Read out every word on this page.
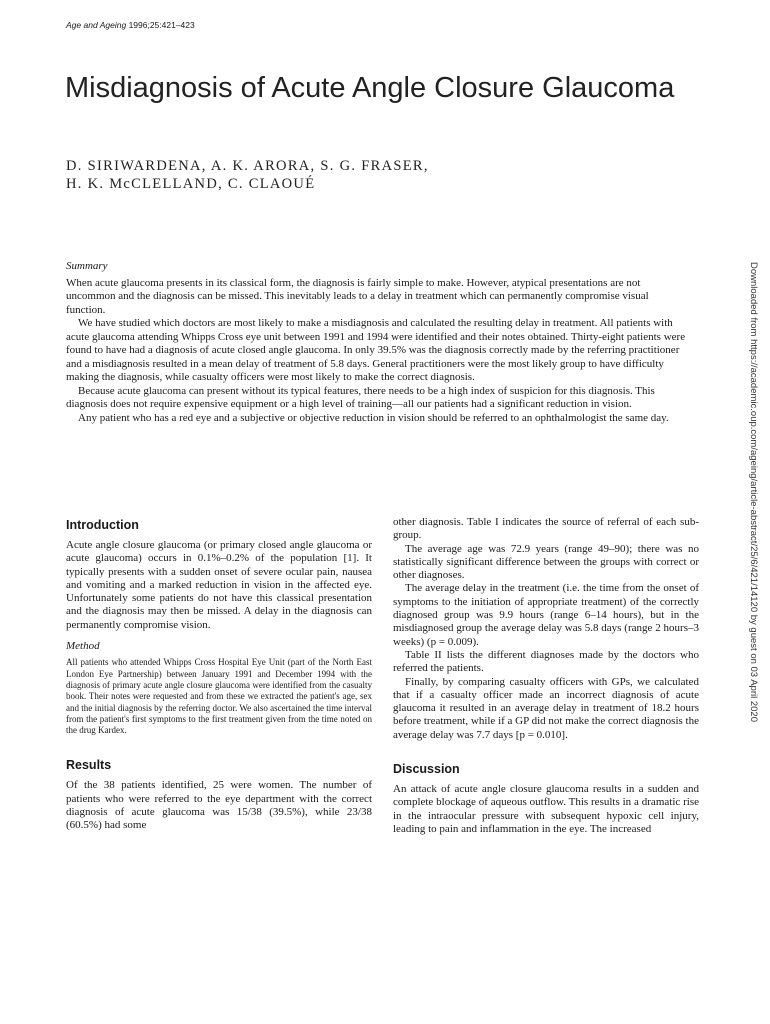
Age and Ageing 1996;25:421–423
Misdiagnosis of Acute Angle Closure Glaucoma
D. SIRIWARDENA, A. K. ARORA, S. G. FRASER,
H. K. McCLELLAND, C. CLAOUÉ
Summary

When acute glaucoma presents in its classical form, the diagnosis is fairly simple to make. However, atypical presentations are not uncommon and the diagnosis can be missed. This inevitably leads to a delay in treatment which can permanently compromise visual function.

We have studied which doctors are most likely to make a misdiagnosis and calculated the resulting delay in treatment. All patients with acute glaucoma attending Whipps Cross eye unit between 1991 and 1994 were identified and their notes obtained. Thirty-eight patients were found to have had a diagnosis of acute closed angle glaucoma. In only 39.5% was the diagnosis correctly made by the referring practitioner and a misdiagnosis resulted in a mean delay of treatment of 5.8 days. General practitioners were the most likely group to have difficulty making the diagnosis, while casualty officers were most likely to make the correct diagnosis.

Because acute glaucoma can present without its typical features, there needs to be a high index of suspicion for this diagnosis. This diagnosis does not require expensive equipment or a high level of training—all our patients had a significant reduction in vision.

Any patient who has a red eye and a subjective or objective reduction in vision should be referred to an ophthalmologist the same day.

Introduction

Acute angle closure glaucoma (or primary closed angle glaucoma or acute glaucoma) occurs in 0.1%–0.2% of the population [1]. It typically presents with a sudden onset of severe ocular pain, nausea and vomiting and a marked reduction in vision in the affected eye. Unfortunately some patients do not have this classical presentation and the diagnosis may then be missed. A delay in the diagnosis can permanently compromise vision.

Method

All patients who attended Whipps Cross Hospital Eye Unit (part of the North East London Eye Partnership) between January 1991 and December 1994 with the diagnosis of primary acute angle closure glaucoma were identified from the casualty book. Their notes were requested and from these we extracted the patient's age, sex and the initial diagnosis by the referring doctor. We also ascertained the time interval from the patient's first symptoms to the first treatment given from the time noted on the drug Kardex.

Results

Of the 38 patients identified, 25 were women. The number of patients who were referred to the eye department with the correct diagnosis of acute glaucoma was 15/38 (39.5%), while 23/38 (60.5%) had some

other diagnosis. Table I indicates the source of referral of each sub-group.

The average age was 72.9 years (range 49–90); there was no statistically significant difference between the groups with correct or other diagnoses.

The average delay in the treatment (i.e. the time from the onset of symptoms to the initiation of appropriate treatment) of the correctly diagnosed group was 9.9 hours (range 6–14 hours), but in the misdiagnosed group the average delay was 5.8 days (range 2 hours–3 weeks) (p = 0.009).

Table II lists the different diagnoses made by the doctors who referred the patients.

Finally, by comparing casualty officers with GPs, we calculated that if a casualty officer made an incorrect diagnosis of acute glaucoma it resulted in an average delay in treatment of 18.2 hours before treatment, while if a GP did not make the correct diagnosis the average delay was 7.7 days [p = 0.010].

Discussion

An attack of acute angle closure glaucoma results in a sudden and complete blockage of aqueous outflow. This results in a dramatic rise in the intraocular pressure with subsequent hypoxic cell injury, leading to pain and inflammation in the eye. The increased

Downloaded from https://academic.oup.com/ageing/article-abstract/25/6/421/14120 by guest on 03 April 2020
